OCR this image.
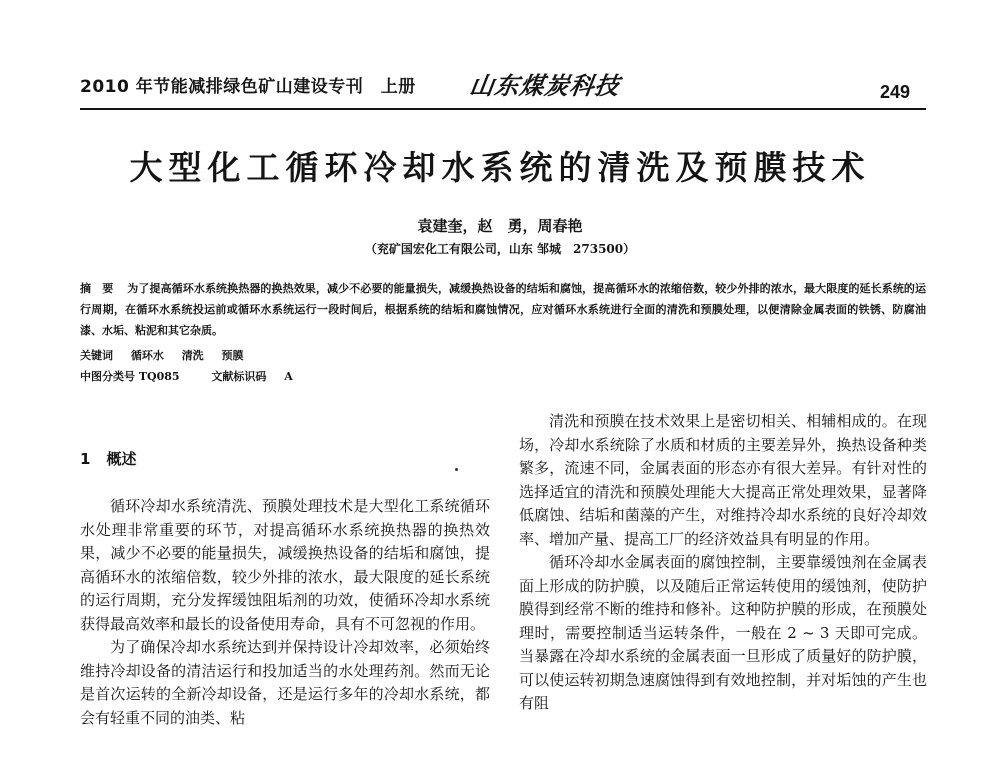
2010 年节能减排绿色矿山建设专刊　上册 山东煤炭科技	249
大型化工循环冷却水系统的清洗及预膜技术
袁建奎，赵　勇，周春艳
（兖矿国宏化工有限公司，山东 邹城　273500）

摘　要 为了提高循环水系统换热器的换热效果，减少不必要的能量损失，减缓换热设备的结垢和腐蚀，提高循环水的浓缩倍数，较少外排的浓水，最大限度的延长系统的运行周期，在循环水系统投运前或循环水系统运行一段时间后，根据系统的结垢和腐蚀情况，应对循环水系统进行全面的清洗和预膜处理，以便清除金属表面的铁锈、防腐油漆、水垢、粘泥和其它杂质。

关键词 循环水 清洗 预膜
中图分类号 TQ085	文献标识码 A
1 概述

循环冷却水系统清洗、预膜处理技术是大型化工系统循环水处理非常重要的环节，对提高循环水系统换热器的换热效果，减少不必要的能量损失，减缓换热设备的结垢和腐蚀，提高循环水的浓缩倍数，较少外排的浓水，最大限度的延长系统的运行周期，充分发挥缓蚀阻垢剂的功效，使循环冷却水系统获得最高效率和最长的设备使用寿命，具有不可忽视的作用。

为了确保冷却水系统达到并保持设计冷却效率，必须始终维持冷却设备的清洁运行和投加适当的水处理药剂。然而无论是首次运转的全新冷却设备，还是运行多年的冷却水系统，都会有轻重不同的油类、粘

清洗和预膜在技术效果上是密切相关、相辅相成的。在现场，冷却水系统除了水质和材质的主要差异外，换热设备种类繁多，流速不同，金属表面的形态亦有很大差异。有针对性的选择适宜的清洗和预膜处理能大大提高正常处理效果，显著降低腐蚀、结垢和菌藻的产生，对维持冷却水系统的良好冷却效率、增加产量、提高工厂的经济效益具有明显的作用。

循环冷却水金属表面的腐蚀控制，主要靠缓蚀剂在金属表面上形成的防护膜，以及随后正常运转使用的缓蚀剂，使防护膜得到经常不断的维持和修补。这种防护膜的形成，在预膜处理时，需要控制适当运转条件，一般在 2 ~ 3 天即可完成。当暴露在冷却水系统的金属表面一旦形成了质量好的防护膜，可以使运转初期急速腐蚀得到有效地控制，并对垢蚀的产生也有阻
